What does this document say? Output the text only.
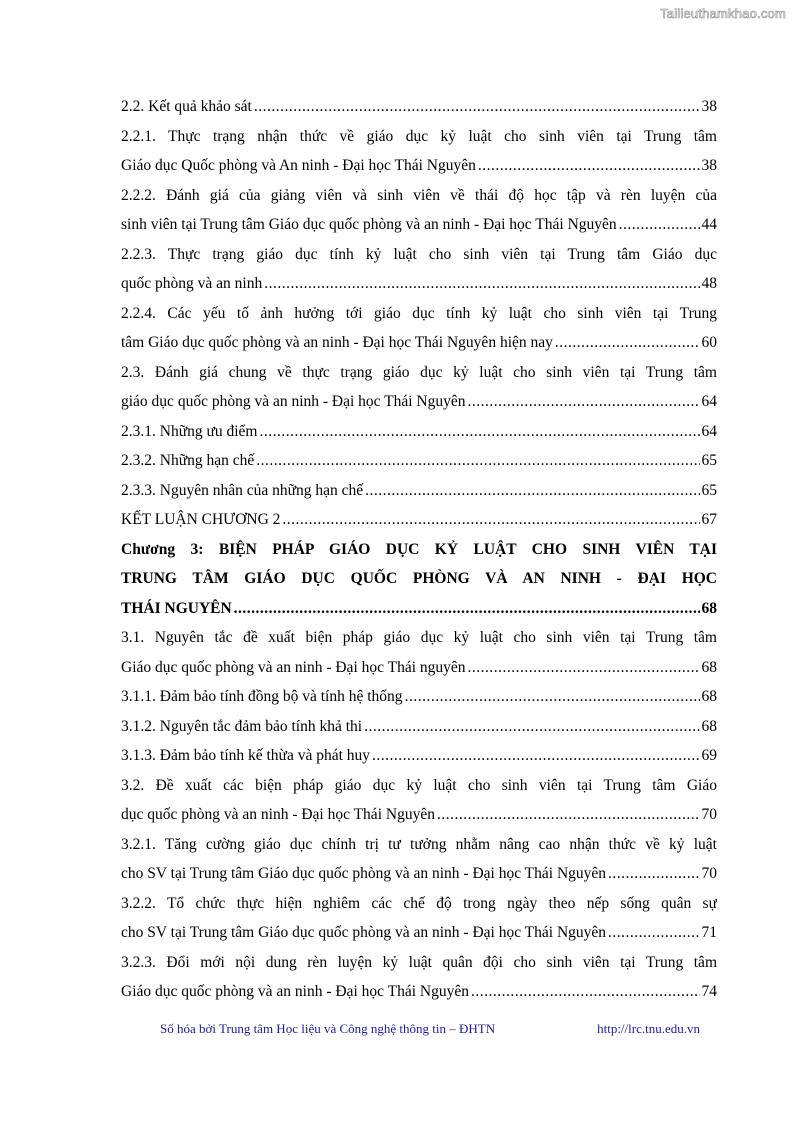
Tailieuthamkhao.com
2.2. Kết quả khảo sát .....	38
2.2.1. Thực trạng nhận thức về giáo dục kỷ luật cho sinh viên tại Trung tâm
Giáo dục Quốc phòng và An ninh - Đại học Thái Nguyên .....	38
2.2.2. Đánh giá của giảng viên và sinh viên về thái độ học tập và rèn luyện của
sinh viên tại Trung tâm Giáo dục quốc phòng và an ninh - Đại học Thái Nguyên .....	44
2.2.3. Thực trạng giáo dục tính kỷ luật cho sinh viên tại Trung tâm Giáo dục
quốc phòng và an ninh .....	48
2.2.4. Các yếu tố ảnh hưởng tới giáo dục tính kỷ luật cho sinh viên tại Trung
tâm Giáo dục quốc phòng và an ninh - Đại học Thái Nguyên hiện nay .....	60
2.3. Đánh giá chung về thực trạng giáo dục kỷ luật cho sinh viên tại Trung tâm
giáo dục quốc phòng và an ninh - Đại học Thái Nguyên .....	64
2.3.1. Những ưu điểm .....	64
2.3.2. Những hạn chế .....	65
2.3.3. Nguyên nhân của những hạn chế .....	65
KẾT LUẬN CHƯƠNG 2 .....	67
Chương 3: BIỆN PHÁP GIÁO DỤC KỶ LUẬT CHO SINH VIÊN TẠI
TRUNG TÂM GIÁO DỤC QUỐC PHÒNG VÀ AN NINH - ĐẠI HỌC
THÁI NGUYÊN .....	68
3.1. Nguyên tắc đề xuất biện pháp giáo dục kỷ luật cho sinh viên tại Trung tâm
Giáo dục quốc phòng và an ninh - Đại học Thái nguyên .....	68
3.1.1. Đảm bảo tính đồng bộ và tính hệ thống .....	68
3.1.2. Nguyên tắc đảm bảo tính khả thi .....	68
3.1.3. Đảm bảo tính kế thừa và phát huy .....	69
3.2. Đề xuất các biện pháp giáo dục kỷ luật cho sinh viên tại Trung tâm Giáo
dục quốc phòng và an ninh - Đại học Thái Nguyên .....	70
3.2.1. Tăng cường giáo dục chính trị tư tưởng nhằm nâng cao nhận thức về kỷ luật
cho SV tại Trung tâm Giáo dục quốc phòng và an ninh - Đại học Thái Nguyên .....	70
3.2.2. Tổ chức thực hiện nghiêm các chế độ trong ngày theo nếp sống quân sự
cho SV tại Trung tâm Giáo dục quốc phòng và an ninh - Đại học Thái Nguyên .....	71
3.2.3. Đổi mới nội dung rèn luyện kỷ luật quân đội cho sinh viên tại Trung tâm
Giáo dục quốc phòng và an ninh - Đại học Thái Nguyên .....	74
Số hóa bởi Trung tâm Học liệu và Công nghệ thông tin – ĐHTN	http://lrc.tnu.edu.vn
